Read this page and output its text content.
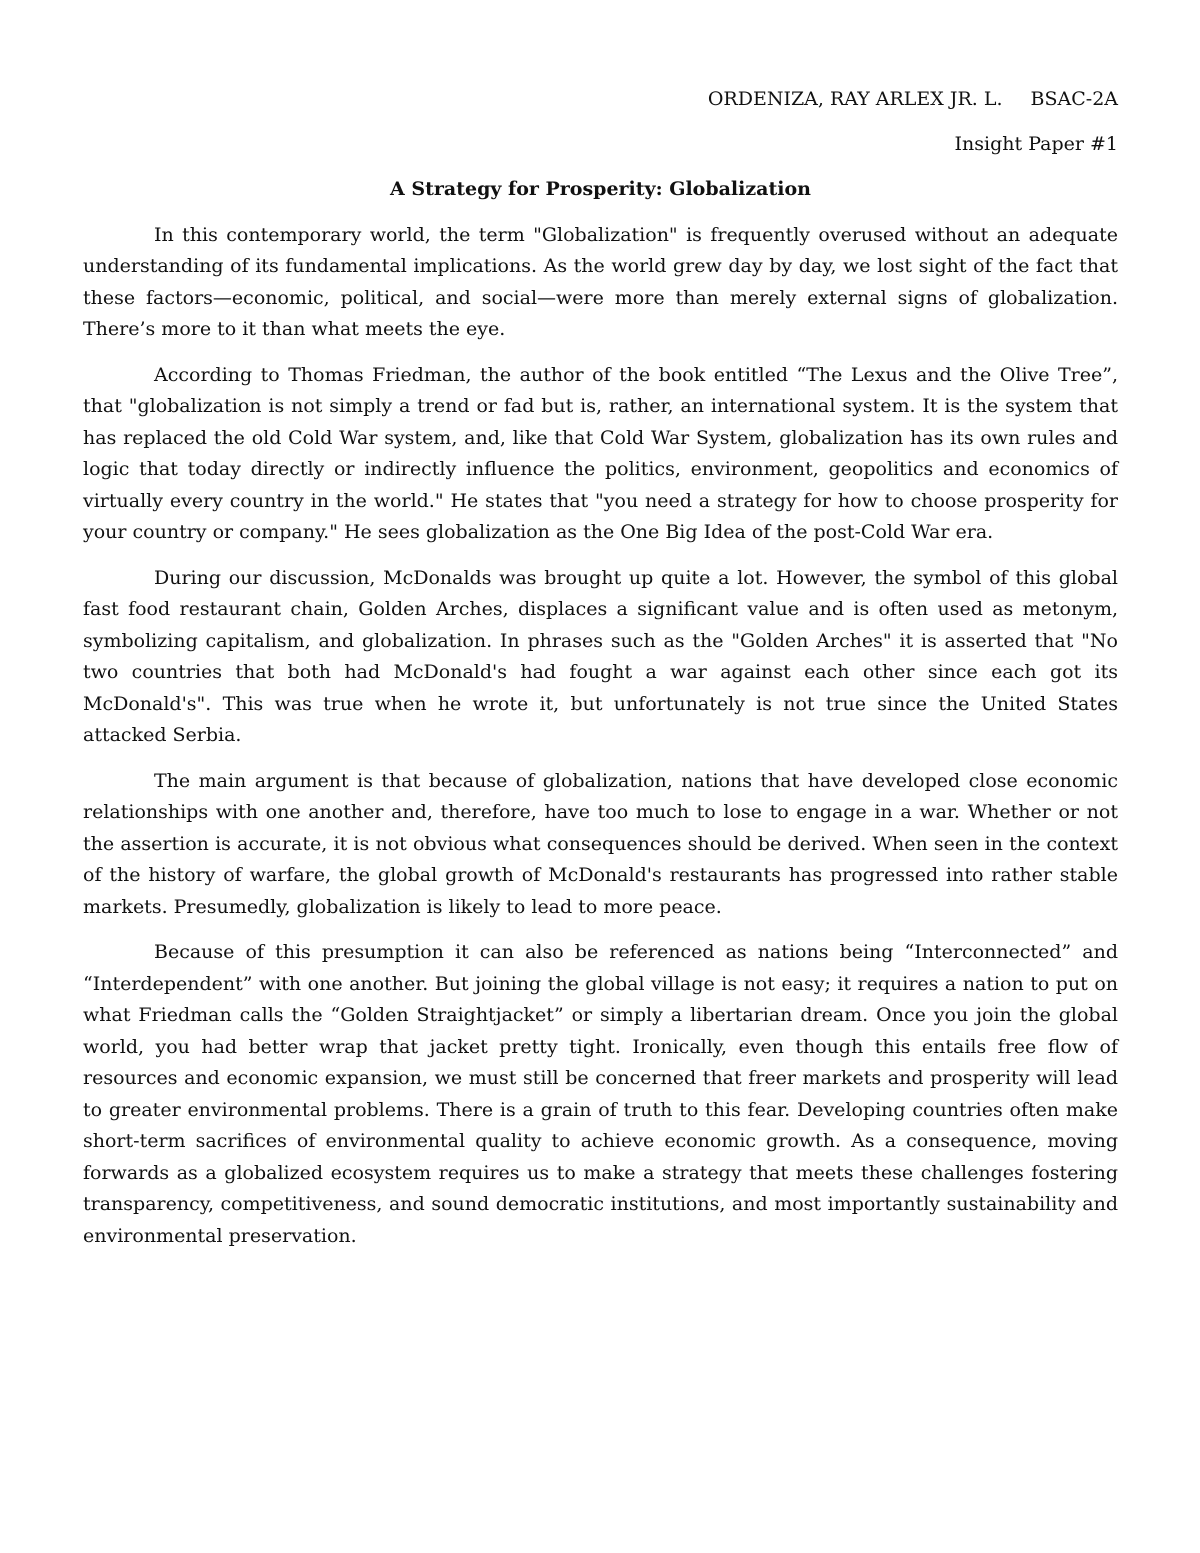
ORDENIZA, RAY ARLEX JR. L. BSAC-2A

Insight Paper #1

A Strategy for Prosperity: Globalization

In this contemporary world, the term "Globalization" is frequently overused without an adequate understanding of its fundamental implications. As the world grew day by day, we lost sight of the fact that these factors—economic, political, and social—were more than merely external signs of globalization. There’s more to it than what meets the eye.

According to Thomas Friedman, the author of the book entitled “The Lexus and the Olive Tree”, that "globalization is not simply a trend or fad but is, rather, an international system. It is the system that has replaced the old Cold War system, and, like that Cold War System, globalization has its own rules and logic that today directly or indirectly influence the politics, environment, geopolitics and economics of virtually every country in the world." He states that "you need a strategy for how to choose prosperity for your country or company." He sees globalization as the One Big Idea of the post-Cold War era.

During our discussion, McDonalds was brought up quite a lot. However, the symbol of this global fast food restaurant chain, Golden Arches, displaces a significant value and is often used as metonym, symbolizing capitalism, and globalization. In phrases such as the "Golden Arches" it is asserted that "No two countries that both had McDonald's had fought a war against each other since each got its McDonald's". This was true when he wrote it, but unfortunately is not true since the United States attacked Serbia.

The main argument is that because of globalization, nations that have developed close economic relationships with one another and, therefore, have too much to lose to engage in a war. Whether or not the assertion is accurate, it is not obvious what consequences should be derived. When seen in the context of the history of warfare, the global growth of McDonald's restaurants has progressed into rather stable markets. Presumedly, globalization is likely to lead to more peace.

Because of this presumption it can also be referenced as nations being “Interconnected” and “Interdependent” with one another. But joining the global village is not easy; it requires a nation to put on what Friedman calls the “Golden Straightjacket” or simply a libertarian dream. Once you join the global world, you had better wrap that jacket pretty tight. Ironically, even though this entails free flow of resources and economic expansion, we must still be concerned that freer markets and prosperity will lead to greater environmental problems. There is a grain of truth to this fear. Developing countries often make short-term sacrifices of environmental quality to achieve economic growth. As a consequence, moving forwards as a globalized ecosystem requires us to make a strategy that meets these challenges fostering transparency, competitiveness, and sound democratic institutions, and most importantly sustainability and environmental preservation.
